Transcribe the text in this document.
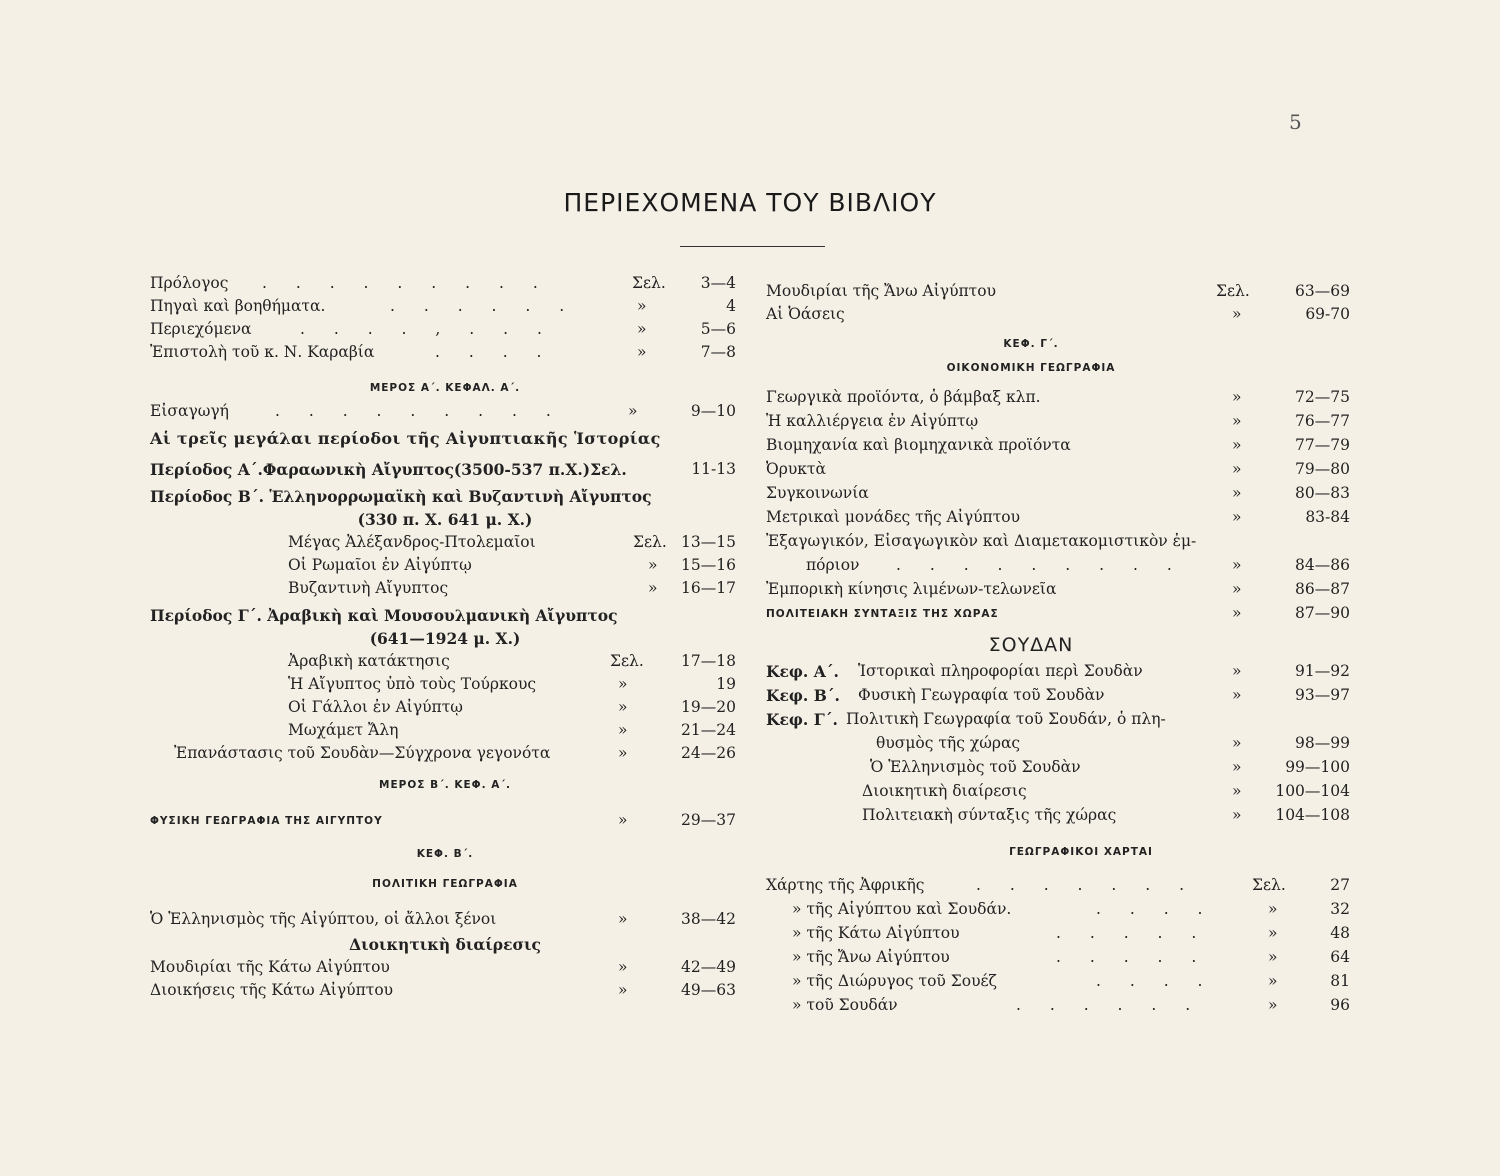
5
ΠΕΡΙΕΧΟΜΕΝΑ ΤΟΥ ΒΙΒΛΙΟΥ
Πρόλογος . . . . . . . . .	Σελ. 3—4
Πηγαὶ καὶ βοηθήματα.	. . . . . .	»	4
Περιεχόμενα	. . . . , . . .	»	5—6
Ἐπιστολὴ τοῦ κ. Ν. Καραβία	. . . .	»	7—8
ΜΕΡΟΣ Α΄. ΚΕΦΑΛ. Α΄.
Εἰσαγωγή	. . . . . . . . .	»	9—10
Αἱ τρεῖς μεγάλαι περίοδοι τῆς Αἰγυπτιακῆς Ἱστορίας
Περίοδος Α΄.Φαραωνικὴ Αἴγυπτος(3500-537 π.Χ.)Σελ.	11-13
Περίοδος Β΄. Ἑλληνορρωμαϊκὴ καὶ Βυζαντινὴ Αἴγυπτος
(330 π. Χ. 641 μ. Χ.)
Μέγας Ἀλέξανδρος-Πτολεμαῖοι	Σελ. 13—15
Οἱ Ρωμαῖοι ἐν Αἰγύπτῳ	» 15—16
Βυζαντινὴ Αἴγυπτος	» 16—17
Περίοδος Γ΄. Ἀραβικὴ καὶ Μουσουλμανικὴ Αἴγυπτος
(641—1924 μ. Χ.)
Ἀραβικὴ κατάκτησις	Σελ. 17—18
Ἡ Αἴγυπτος ὑπὸ τοὺς Τούρκους	»	19
Οἱ Γάλλοι ἐν Αἰγύπτῳ	»	19—20
Μωχάμετ Ἄλη	»	21—24
Ἐπανάστασις τοῦ Σουδὰν—Σύγχρονα γεγονότα	»	24—26
ΜΕΡΟΣ Β΄. ΚΕΦ. Α΄.
ΦΥΣΙΚΗ ΓΕΩΓΡΑΦΙΑ ΤΗΣ ΑΙΓΥΠΤΟΥ	»	29—37
ΚΕΦ. Β΄.
ΠΟΛΙΤΙΚΗ ΓΕΩΓΡΑΦΙΑ
Ὁ Ἑλληνισμὸς τῆς Αἰγύπτου, οἱ ἄλλοι ξένοι	»	38—42
Διοικητικὴ διαίρεσις
Μουδιρίαι τῆς Κάτω Αἰγύπτου	»	42—49
Διοικήσεις τῆς Κάτω Αἰγύπτου	»	49—63
Μουδιρίαι τῆς Ἄνω Αἰγύπτου	Σελ.	63—69
Αἱ Ὀάσεις	»	69-70
ΚΕΦ. Γ΄.
ΟΙΚΟΝΟΜΙΚΗ ΓΕΩΓΡΑΦΙΑ
Γεωργικὰ προϊόντα, ὁ βάμβαξ κλπ.	»	72—75
Ἡ καλλιέργεια ἐν Αἰγύπτῳ	»	76—77
Βιομηχανία καὶ βιομηχανικὰ προϊόντα	»	77—79
Ὀρυκτὰ	»	79—80
Συγκοινωνία	»	80—83
Μετρικαὶ μονάδες τῆς Αἰγύπτου	»	83-84
Ἐξαγωγικόν, Εἰσαγωγικὸν καὶ Διαμετακομιστικὸν ἐμ-
πόριον . . . . . . . . .	»	84—86
Ἐμπορικὴ κίνησις λιμένων-τελωνεῖα	»	86—87
ΠΟΛΙΤΕΙΑΚΗ ΣΥΝΤΑΞΙΣ ΤΗΣ ΧΩΡΑΣ	»	87—90
ΣΟΥΔΑΝ
Κεφ. Α΄. Ἱστορικαὶ πληροφορίαι περὶ Σουδὰν	»	91—92
Κεφ. Β΄. Φυσικὴ Γεωγραφία τοῦ Σουδὰν	»	93—97
Κεφ. Γ΄. Πολιτικὴ Γεωγραφία τοῦ Σουδάν, ὁ πλη-
θυσμὸς τῆς χώρας	»	98—99
Ὁ Ἑλληνισμὸς τοῦ Σουδὰν	»	99—100
Διοικητικὴ διαίρεσις	» 100—104
Πολιτειακὴ σύνταξις τῆς χώρας	» 104—108
ΓΕΩΓΡΑΦΙΚΟΙ ΧΑΡΤΑΙ
Χάρτης τῆς Ἀφρικῆς	. . . . . . .	Σελ.	27
» τῆς Αἰγύπτου καὶ Σουδάν.	. . . .	»	32
» τῆς Κάτω Αἰγύπτου	. . . . .	»	48
» τῆς Ἄνω Αἰγύπτου	. . . . .	»	64
» τῆς Διώρυγος τοῦ Σουέζ	. . . .	»	81
» τοῦ Σουδάν	. . . . . .	»	96
